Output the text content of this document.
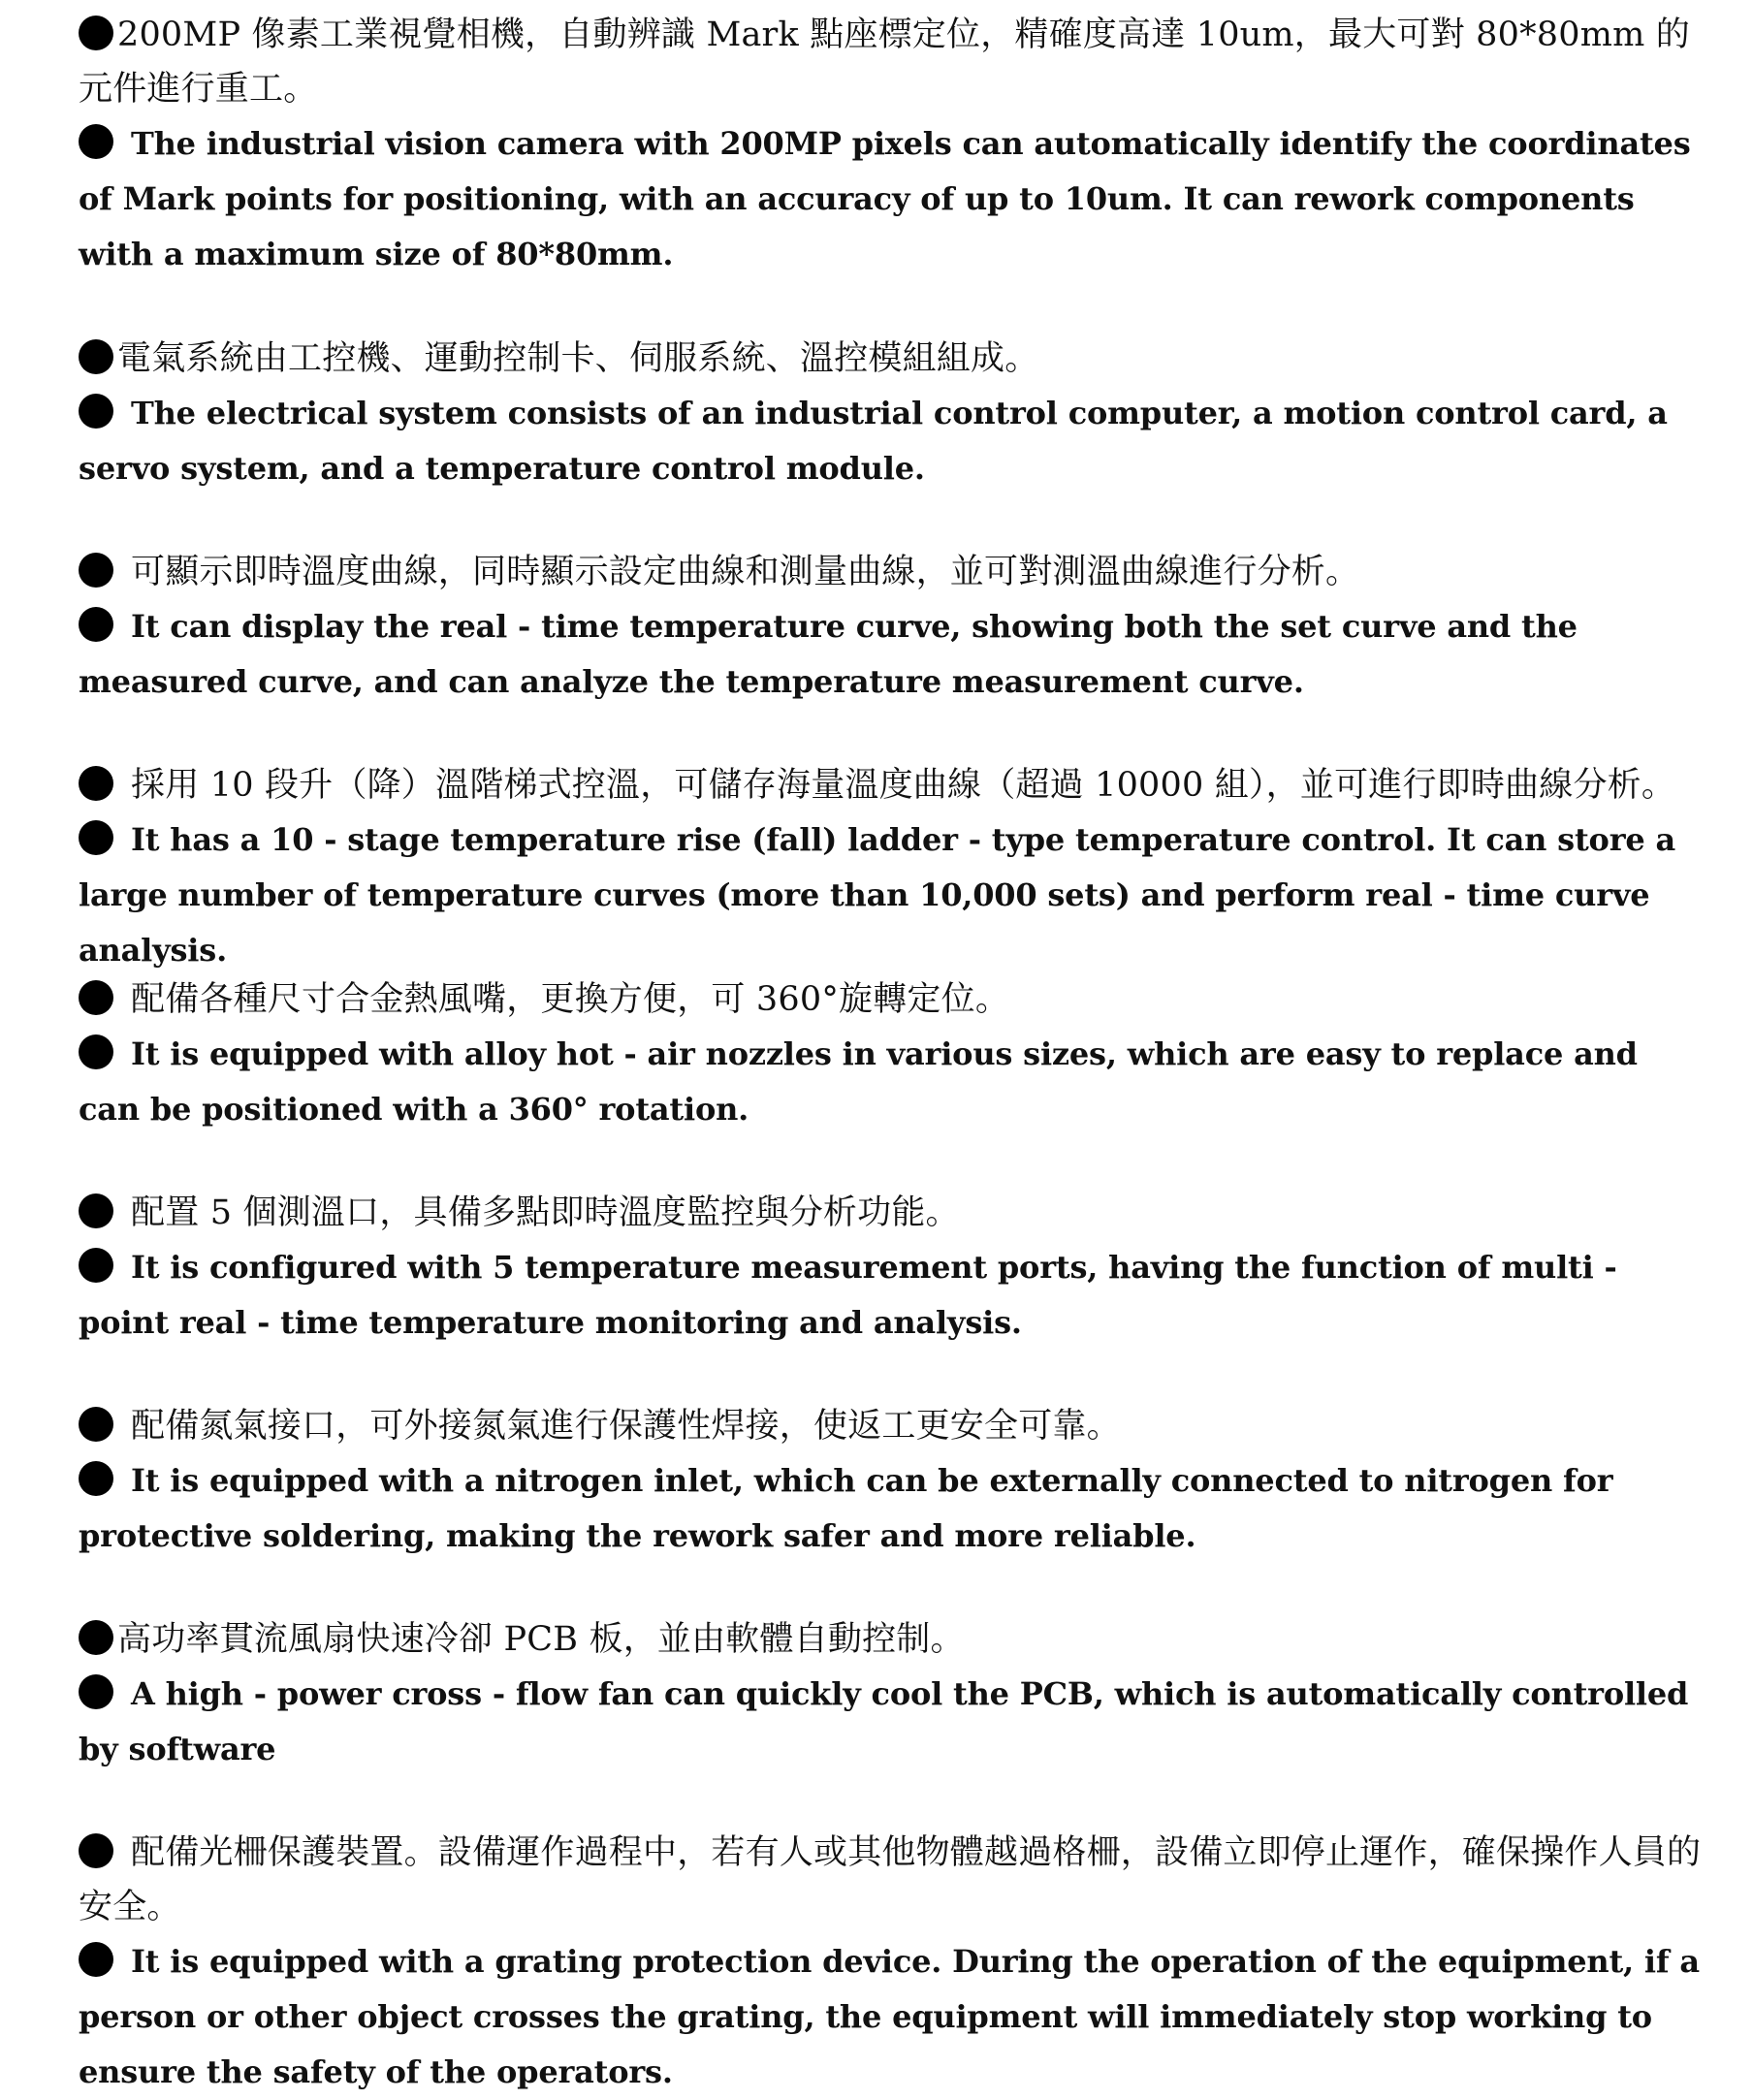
200MP 像素工業視覺相機，自動辨識 Mark 點座標定位，精確度高達 10um，最大可對 80*80mm 的元件進行重工。
The industrial vision camera with 200MP pixels can automatically identify the coordinates of Mark points for positioning, with an accuracy of up to 10um. It can rework components with a maximum size of 80*80mm.
電氣系統由工控機、運動控制卡、伺服系統、溫控模組組成。
The electrical system consists of an industrial control computer, a motion control card, a servo system, and a temperature control module.
可顯示即時溫度曲線，同時顯示設定曲線和測量曲線，並可對測溫曲線進行分析。
It can display the real - time temperature curve, showing both the set curve and the measured curve, and can analyze the temperature measurement curve.
採用 10 段升（降）溫階梯式控溫，可儲存海量溫度曲線（超過 10000 組），並可進行即時曲線分析。
It has a 10 - stage temperature rise (fall) ladder - type temperature control. It can store a large number of temperature curves (more than 10,000 sets) and perform real - time curve analysis.
配備各種尺寸合金熱風嘴，更換方便，可 360°旋轉定位。
It is equipped with alloy hot - air nozzles in various sizes, which are easy to replace and can be positioned with a 360° rotation.
配置 5 個測溫口，具備多點即時溫度監控與分析功能。
It is configured with 5 temperature measurement ports, having the function of multi - point real - time temperature monitoring and analysis.
配備氮氣接口，可外接氮氣進行保護性焊接，使返工更安全可靠。
It is equipped with a nitrogen inlet, which can be externally connected to nitrogen for protective soldering, making the rework safer and more reliable.
高功率貫流風扇快速冷卻 PCB 板，並由軟體自動控制。
A high - power cross - flow fan can quickly cool the PCB, which is automatically controlled by software
配備光柵保護裝置。設備運作過程中，若有人或其他物體越過格柵，設備立即停止運作，確保操作人員的安全。
It is equipped with a grating protection device. During the operation of the equipment, if a person or other object crosses the grating, the equipment will immediately stop working to ensure the safety of the operators.
